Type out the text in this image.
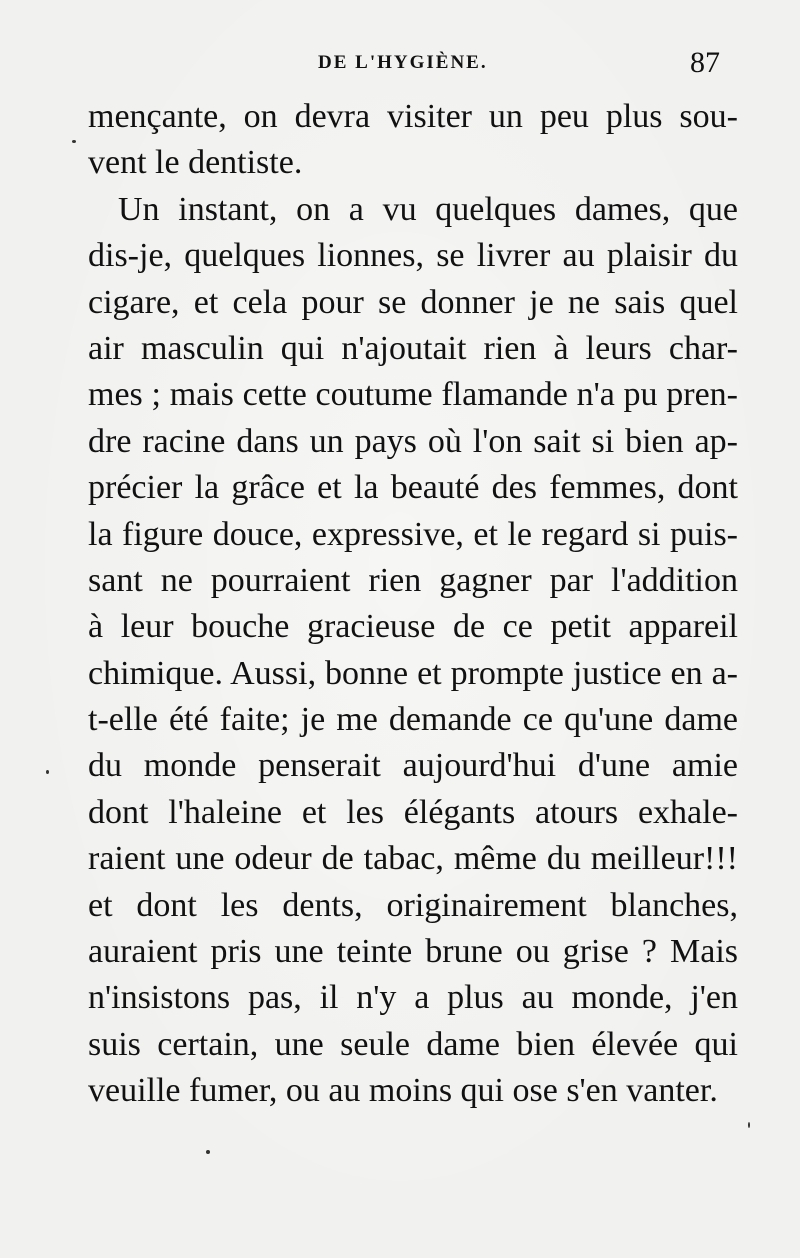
DE L'HYGIÈNE.	87
mençante, on devra visiter un peu plus sou-
vent le dentiste.
Un instant, on a vu quelques dames, que
dis-je, quelques lionnes, se livrer au plaisir du
cigare, et cela pour se donner je ne sais quel
air masculin qui n'ajoutait rien à leurs char-
mes ; mais cette coutume flamande n'a pu pren-
dre racine dans un pays où l'on sait si bien ap-
précier la grâce et la beauté des femmes, dont
la figure douce, expressive, et le regard si puis-
sant ne pourraient rien gagner par l'addition
à leur bouche gracieuse de ce petit appareil
chimique. Aussi, bonne et prompte justice en a-
t-elle été faite; je me demande ce qu'une dame
du monde penserait aujourd'hui d'une amie
dont l'haleine et les élégants atours exhale-
raient une odeur de tabac, même du meilleur!!!
et dont les dents, originairement blanches,
auraient pris une teinte brune ou grise ? Mais
n'insistons pas, il n'y a plus au monde, j'en
suis certain, une seule dame bien élevée qui
veuille fumer, ou au moins qui ose s'en vanter.
